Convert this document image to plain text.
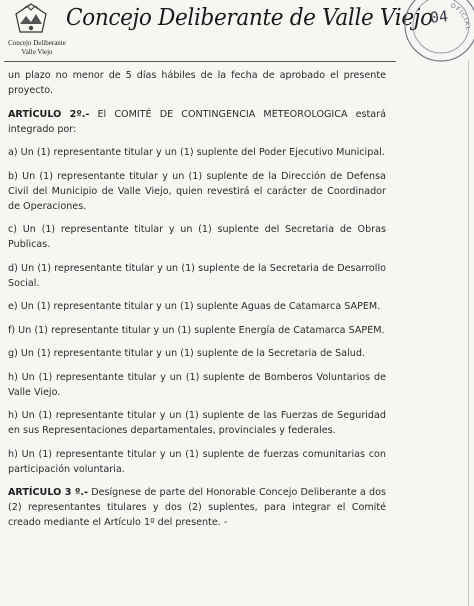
Concejo Deliberante
Valle Viejo
Concejo Deliberante de Valle Viejo	OFICIAL
04

un plazo no menor de 5 días hábiles de la fecha de aprobado el presente proyecto.

ARTÍCULO 2º.- El COMITÉ DE CONTINGENCIA METEOROLOGICA estará integrado por:

a) Un (1) representante titular y un (1) suplente del Poder Ejecutivo Municipal.

b) Un (1) representante titular y un (1) suplente de la Dirección de Defensa Civil del Municipio de Valle Viejo, quien revestirá el carácter de Coordinador de Operaciones.

c) Un (1) representante titular y un (1) suplente del Secretaria de Obras Publicas.

d) Un (1) representante titular y un (1) suplente de la Secretaria de Desarrollo Social.

e) Un (1) representante titular y un (1) suplente Aguas de Catamarca SAPEM.

f) Un (1) representante titular y un (1) suplente Energía de Catamarca SAPEM.

g) Un (1) representante titular y un (1) suplente de la Secretaria de Salud.

h) Un (1) representante titular y un (1) suplente de Bomberos Voluntarios de Valle Viejo.

h) Un (1) representante titular y un (1) suplente de las Fuerzas de Seguridad en sus Representaciones departamentales, provinciales y federales.

h) Un (1) representante titular y un (1) suplente de fuerzas comunitarias con participación voluntaria.

ARTÍCULO 3 º.- Desígnese de parte del Honorable Concejo Deliberante a dos (2) representantes titulares y dos (2) suplentes, para integrar el Comité creado mediante el Artículo 1º del presente. -
